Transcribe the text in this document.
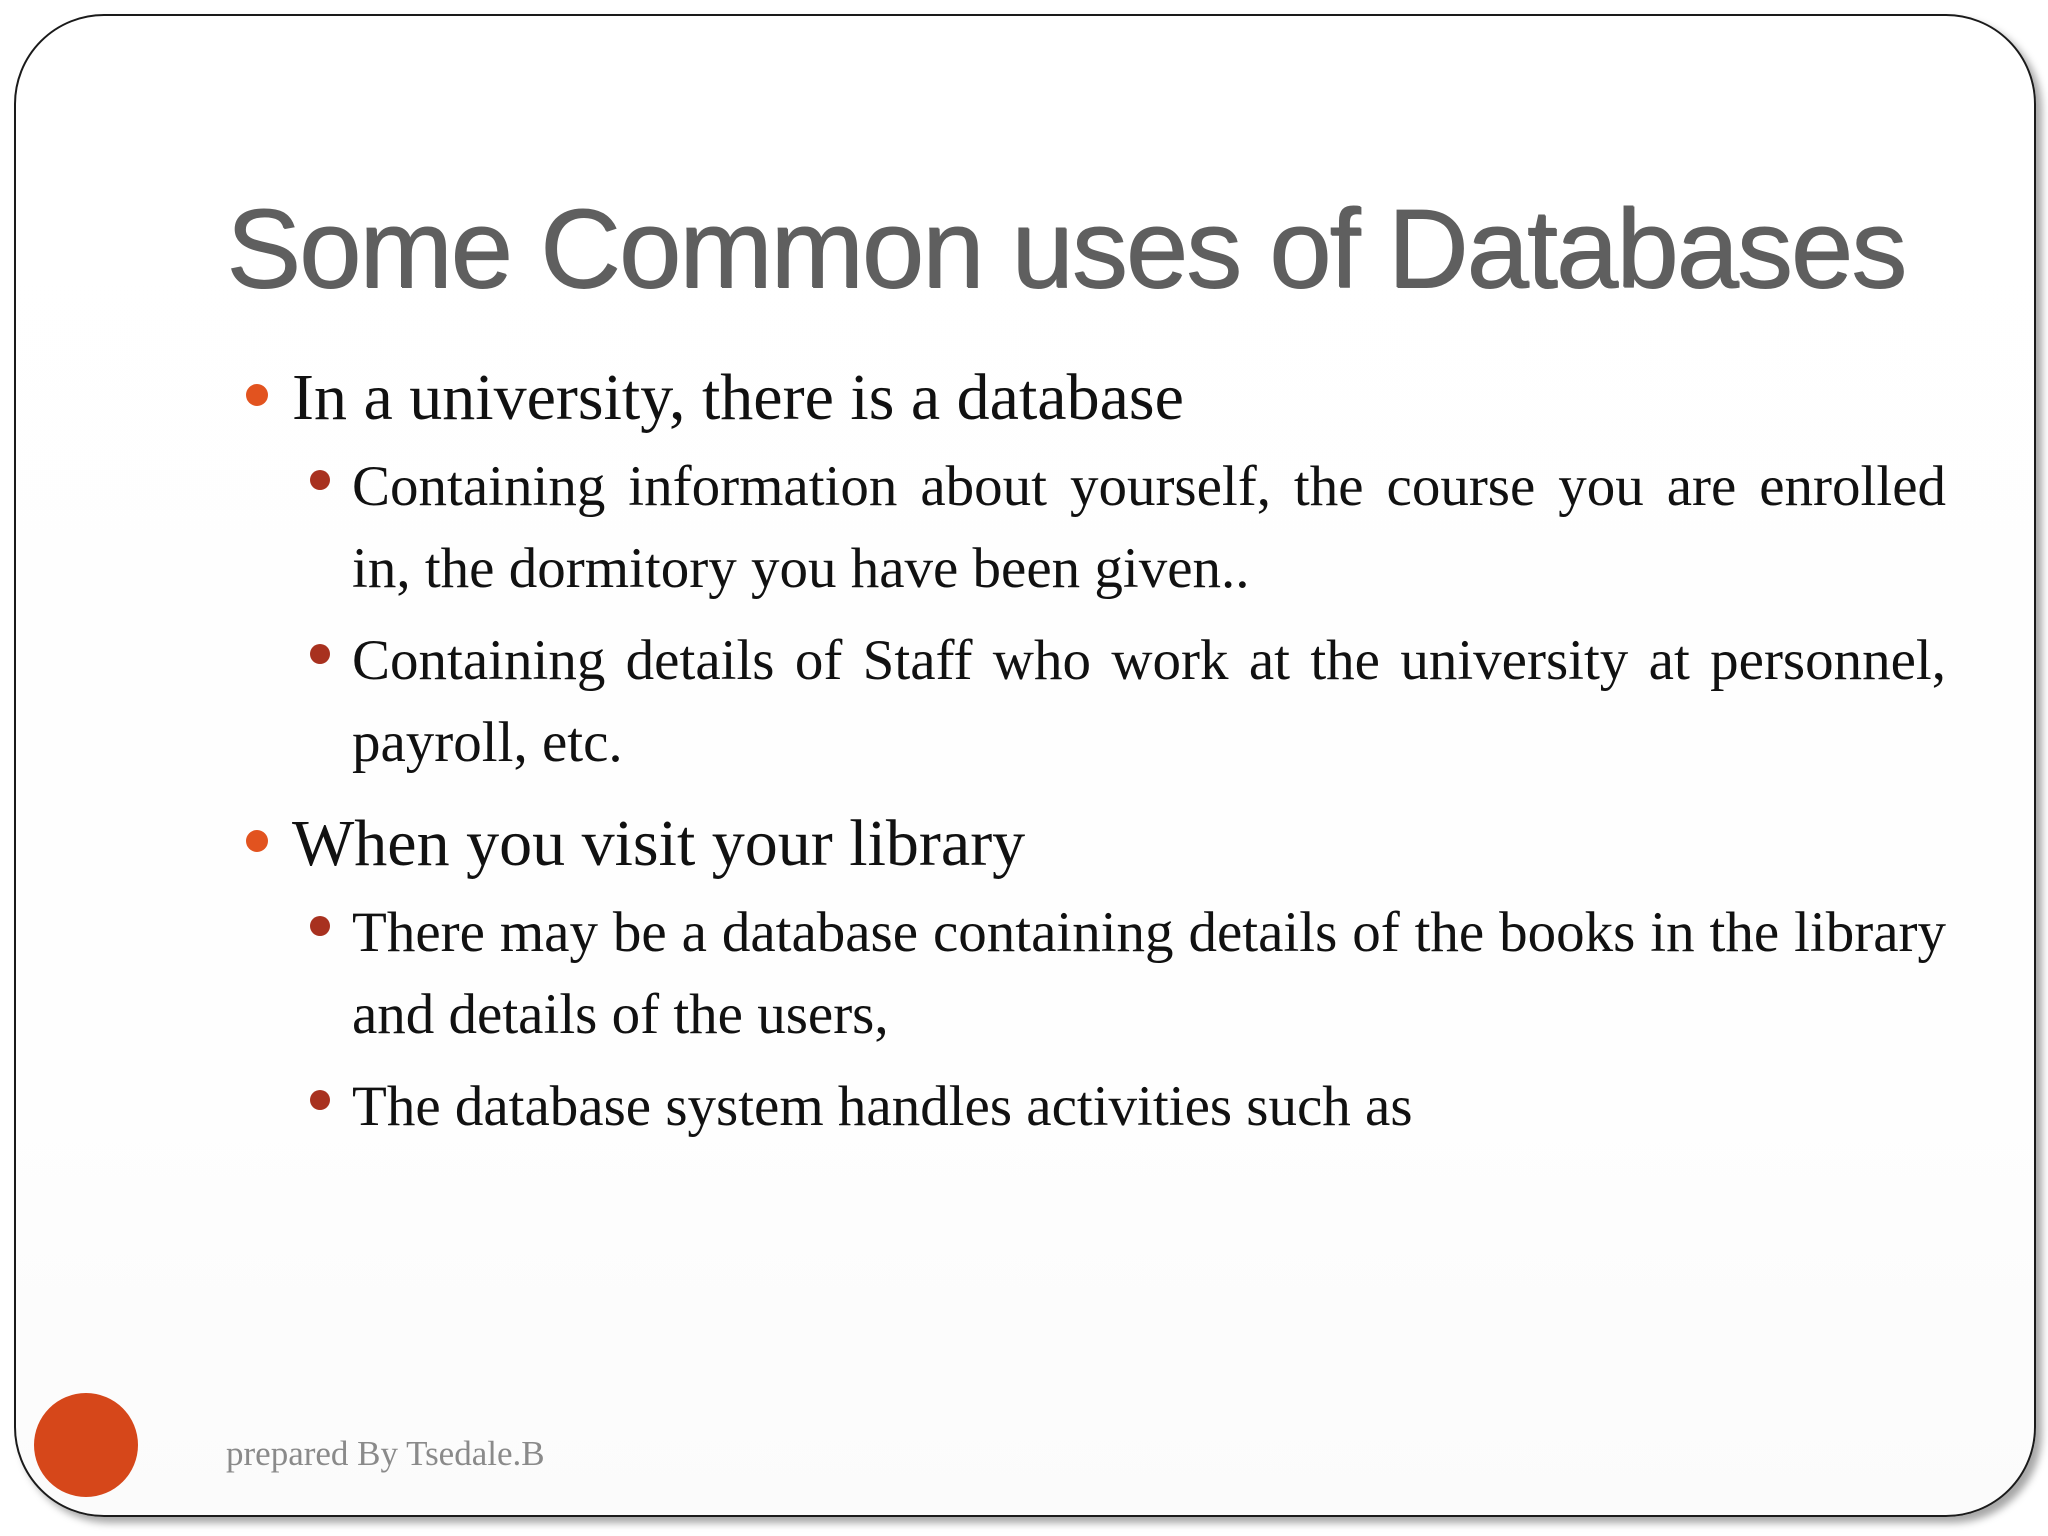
Some Common uses of Databases
In a university, there is a database
Containing information about yourself, the course you are enrolled in, the dormitory you have been given..
Containing details of Staff who work at the university at personnel, payroll, etc.
When you visit your library
There may be a database containing details of the books in the library and details of the users,
The database system handles activities such as
prepared By Tsedale.B
